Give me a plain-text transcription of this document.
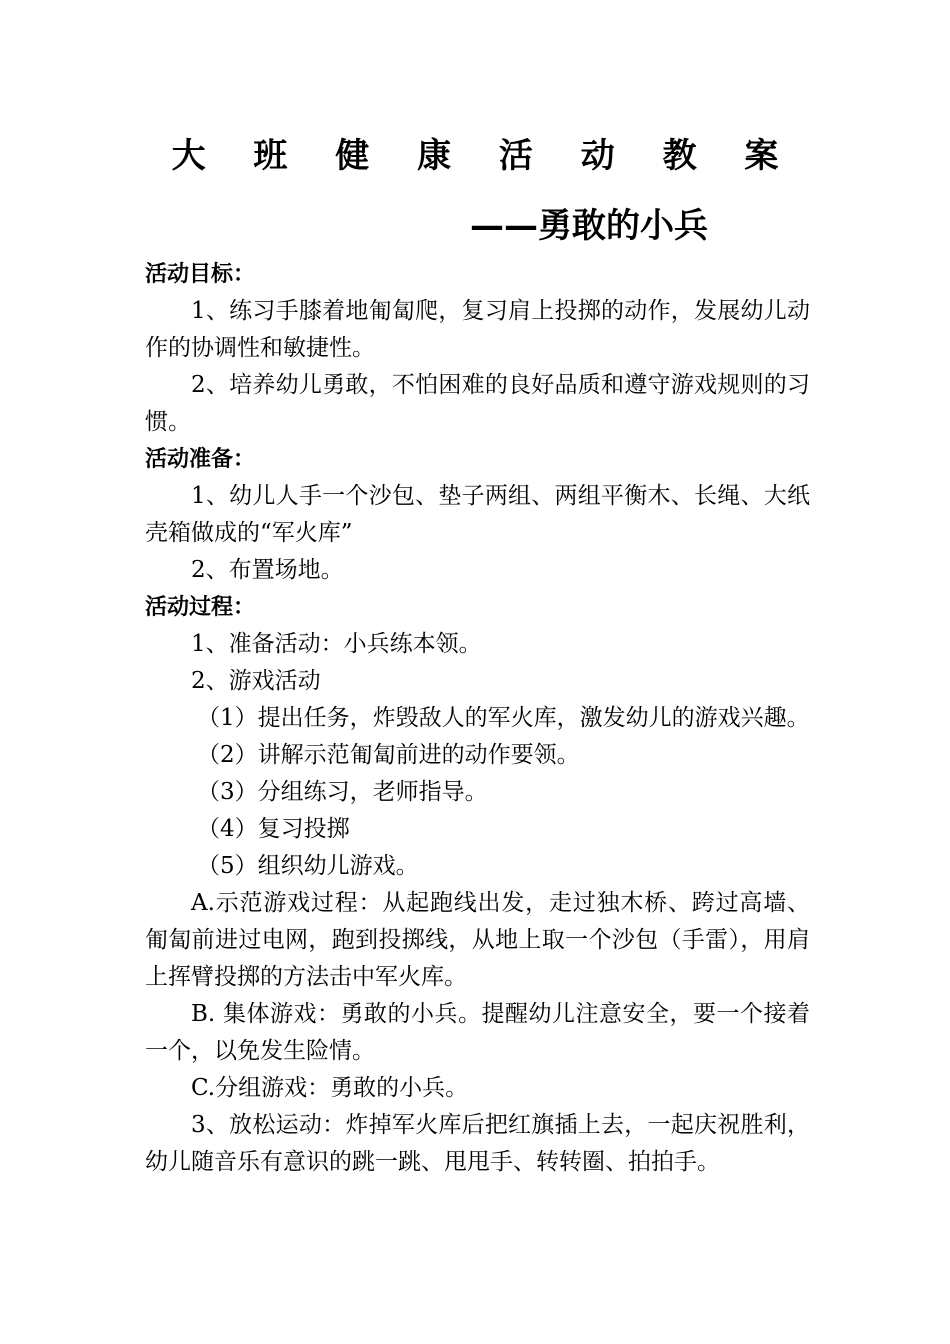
大 班 健 康 活 动 教 案
——勇敢的小兵

活动目标：

1、练习手膝着地匍匐爬，复习肩上投掷的动作，发展幼儿动作的协调性和敏捷性。

2、培养幼儿勇敢，不怕困难的良好品质和遵守游戏规则的习惯。

活动准备：

1、幼儿人手一个沙包、垫子两组、两组平衡木、长绳、大纸壳箱做成的“军火库”

2、布置场地。

活动过程：

1、准备活动：小兵练本领。

2、游戏活动

（1）提出任务，炸毁敌人的军火库，激发幼儿的游戏兴趣。

（2）讲解示范匍匐前进的动作要领。

（3）分组练习，老师指导。

（4）复习投掷

（5）组织幼儿游戏。

A.示范游戏过程：从起跑线出发，走过独木桥、跨过高墙、匍匐前进过电网，跑到投掷线，从地上取一个沙包（手雷），用肩上挥臂投掷的方法击中军火库。

B. 集体游戏：勇敢的小兵。提醒幼儿注意安全，要一个接着一个，以免发生险情。

C.分组游戏：勇敢的小兵。

3、放松运动：炸掉军火库后把红旗插上去，一起庆祝胜利，幼儿随音乐有意识的跳一跳、甩甩手、转转圈、拍拍手。
